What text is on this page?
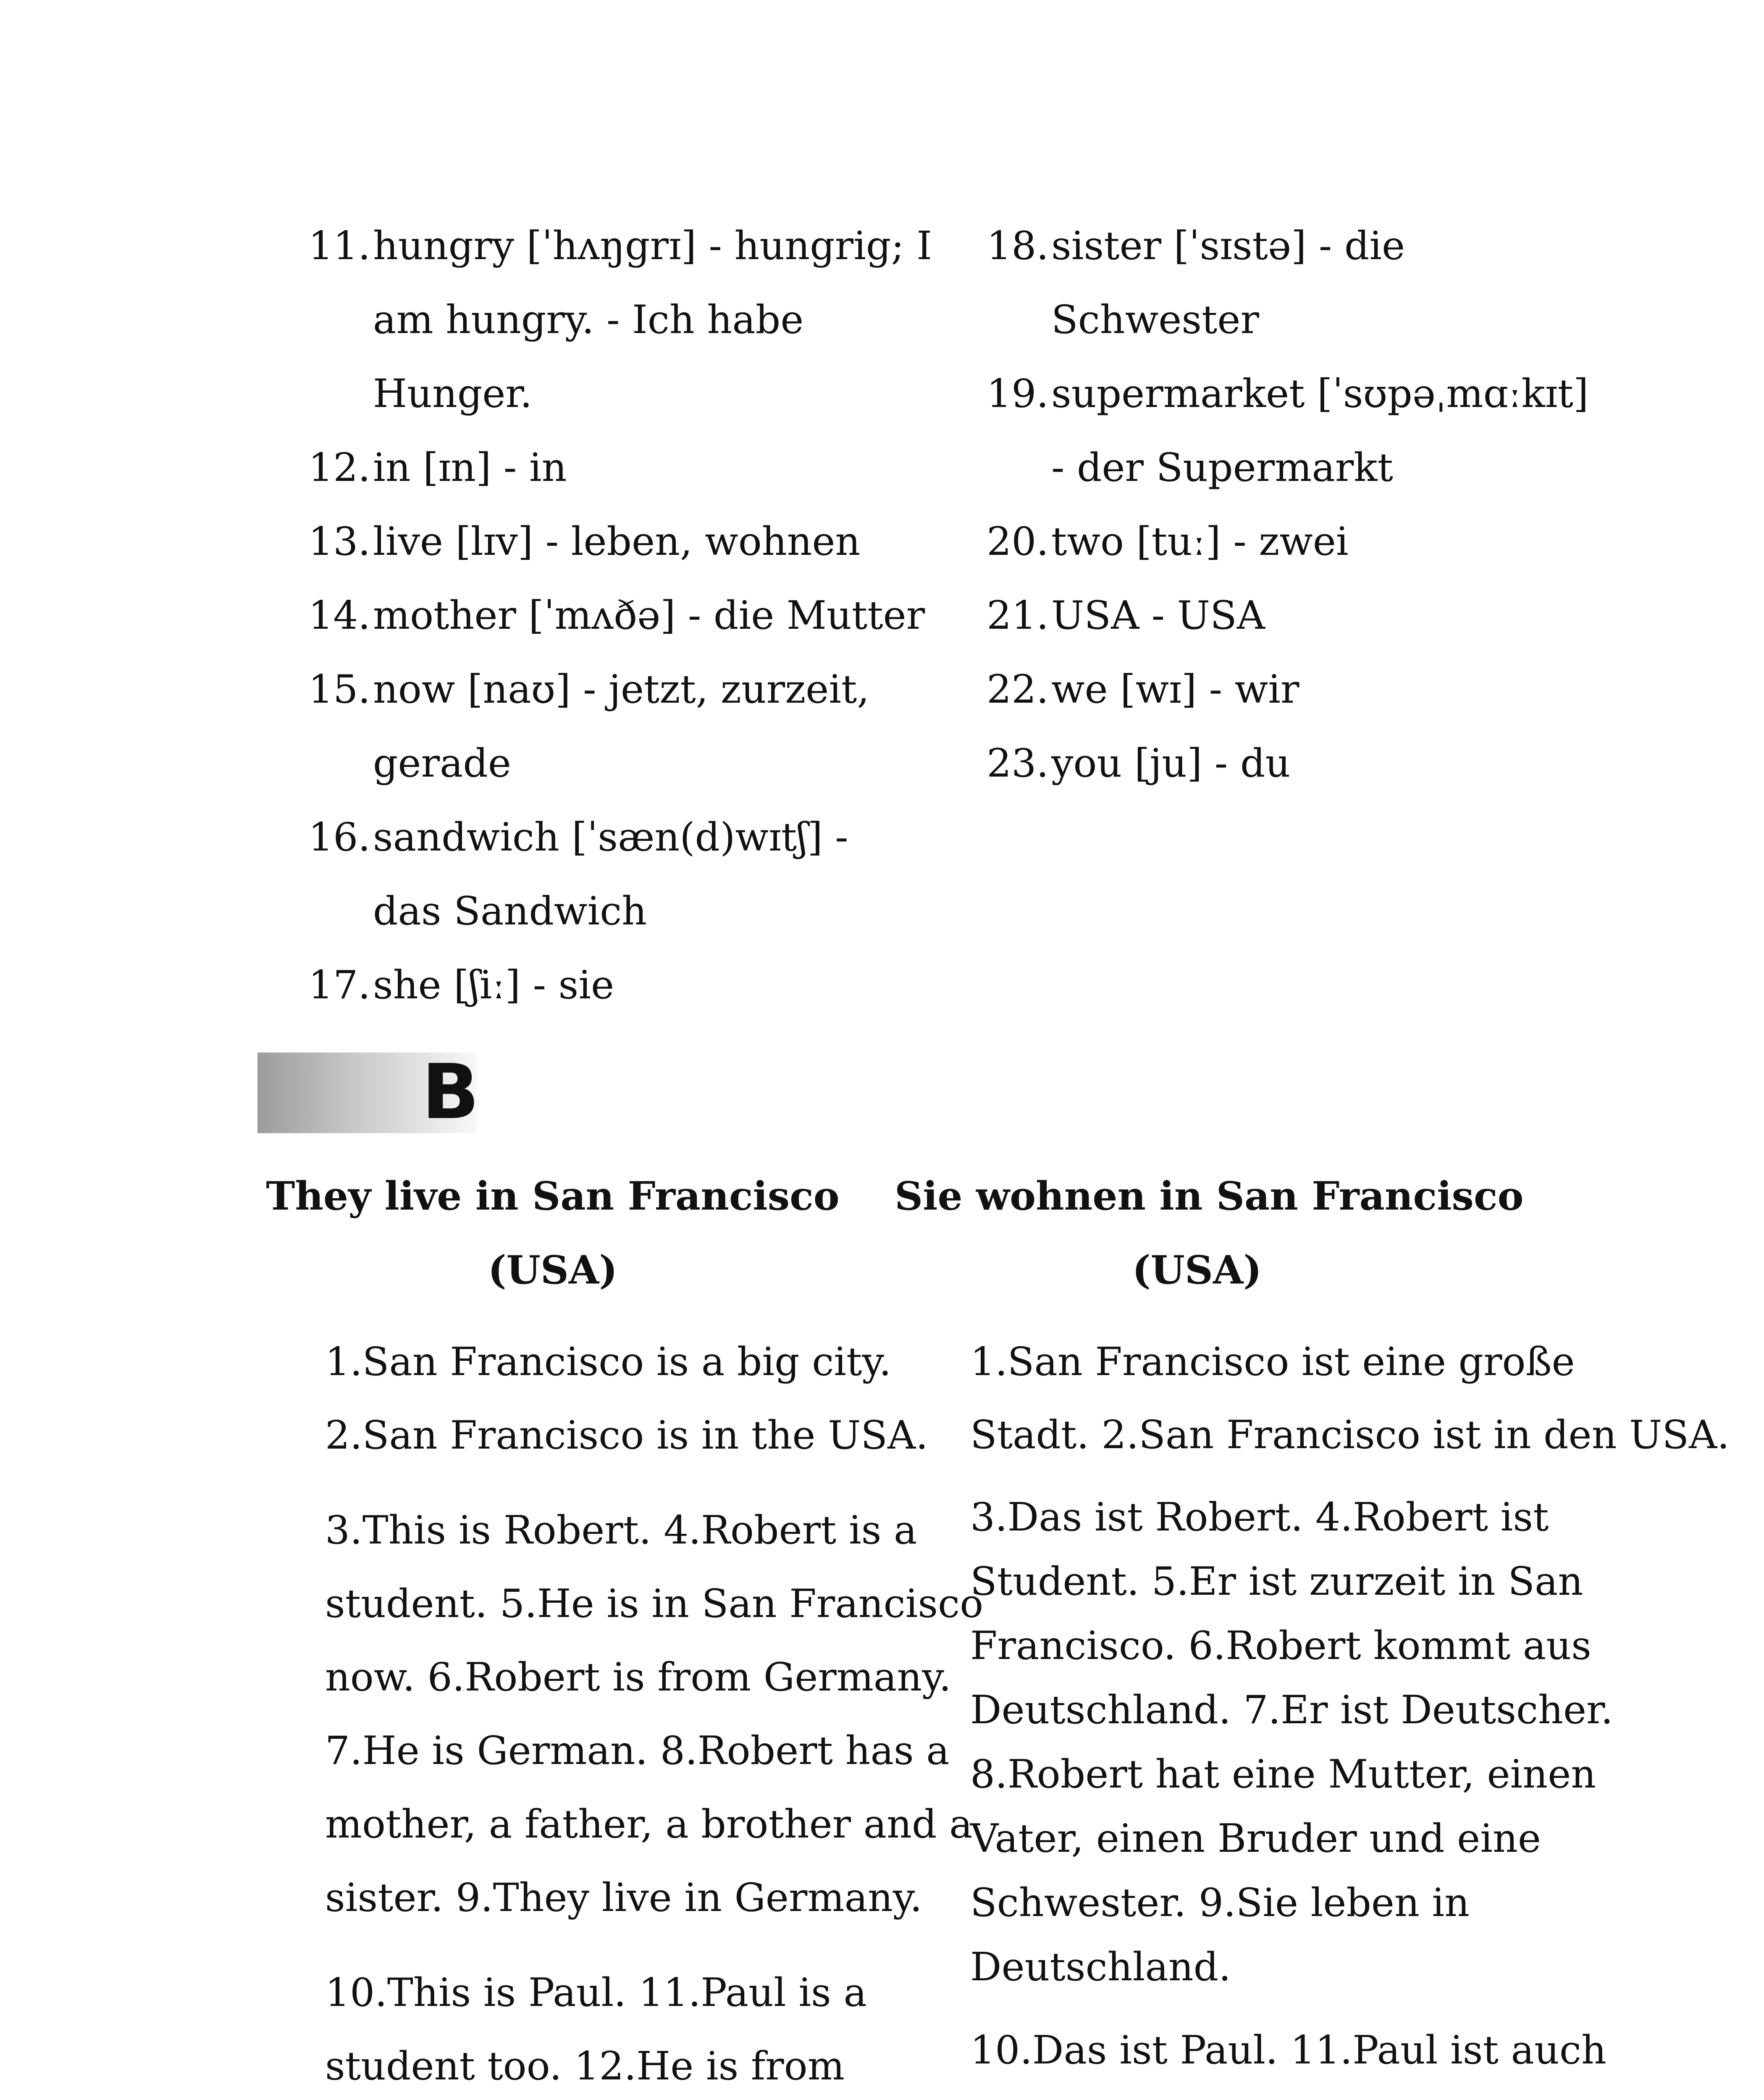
11. hungry [ˈhʌŋgrɪ] - hungrig; I
am hungry. - Ich habe
Hunger.
12. in [ɪn] - in
13. live [lɪv] - leben, wohnen
14. mother [ˈmʌðə] - die Mutter
15. now [naʊ] - jetzt, zurzeit,
gerade
16. sandwich [ˈsæn(d)wɪtʃ] -
das Sandwich
17. she [ʃiː] - sie
18. sister [ˈsɪstə] - die
Schwester
19. supermarket [ˈsʊpəˌmɑːkɪt]
- der Supermarkt
20. two [tuː] - zwei
21. USA - USA
22. we [wɪ] - wir
23. you [ju] - du
B
They live in San Francisco
(USA)
Sie wohnen in San Francisco
(USA)

1.San Francisco is a big city.
2.San Francisco is in the USA.

3.This is Robert. 4.Robert is a
student. 5.He is in San Francisco
now. 6.Robert is from Germany.
7.He is German. 8.Robert has a
mother, a father, a brother and a
sister. 9.They live in Germany.

10.This is Paul. 11.Paul is a
student too. 12.He is from

1.San Francisco ist eine große
Stadt. 2.San Francisco ist in den USA.

3.Das ist Robert. 4.Robert ist
Student. 5.Er ist zurzeit in San
Francisco. 6.Robert kommt aus
Deutschland. 7.Er ist Deutscher.
8.Robert hat eine Mutter, einen
Vater, einen Bruder und eine
Schwester. 9.Sie leben in
Deutschland.

10.Das ist Paul. 11.Paul ist auch
